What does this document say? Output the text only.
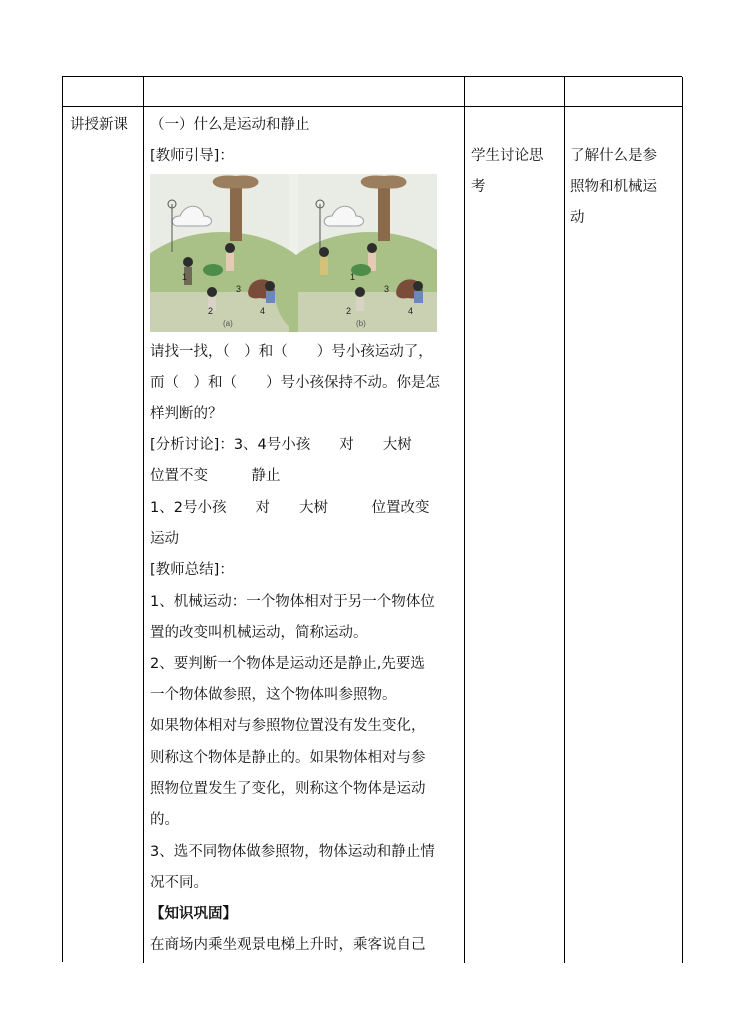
讲授新课 （一）什么是运动和静止
[教师引导]：
1
2
3
4
(a)
1
2
3
4
(b)
请找一找，（　）和（　　）号小孩运动了，
而（　）和（　　）号小孩保持不动。你是怎
样判断的？
[分析讨论]：3、4号小孩　　对　　大树
位置不变　　　静止
1、2号小孩　　对　　大树　　　位置改变
运动
[教师总结]：
1、机械运动：一个物体相对于另一个物体位
置的改变叫机械运动，简称运动。
2、要判断一个物体是运动还是静止,先要选
一个物体做参照，这个物体叫参照物。
如果物体相对与参照物位置没有发生变化，
则称这个物体是静止的。如果物体相对与参
照物位置发生了变化，则称这个物体是运动
的。
3、选不同物体做参照物，物体运动和静止情
况不同。
【知识巩固】
在商场内乘坐观景电梯上升时，乘客说自己
学生讨论思
考
了解什么是参
照物和机械运
动
